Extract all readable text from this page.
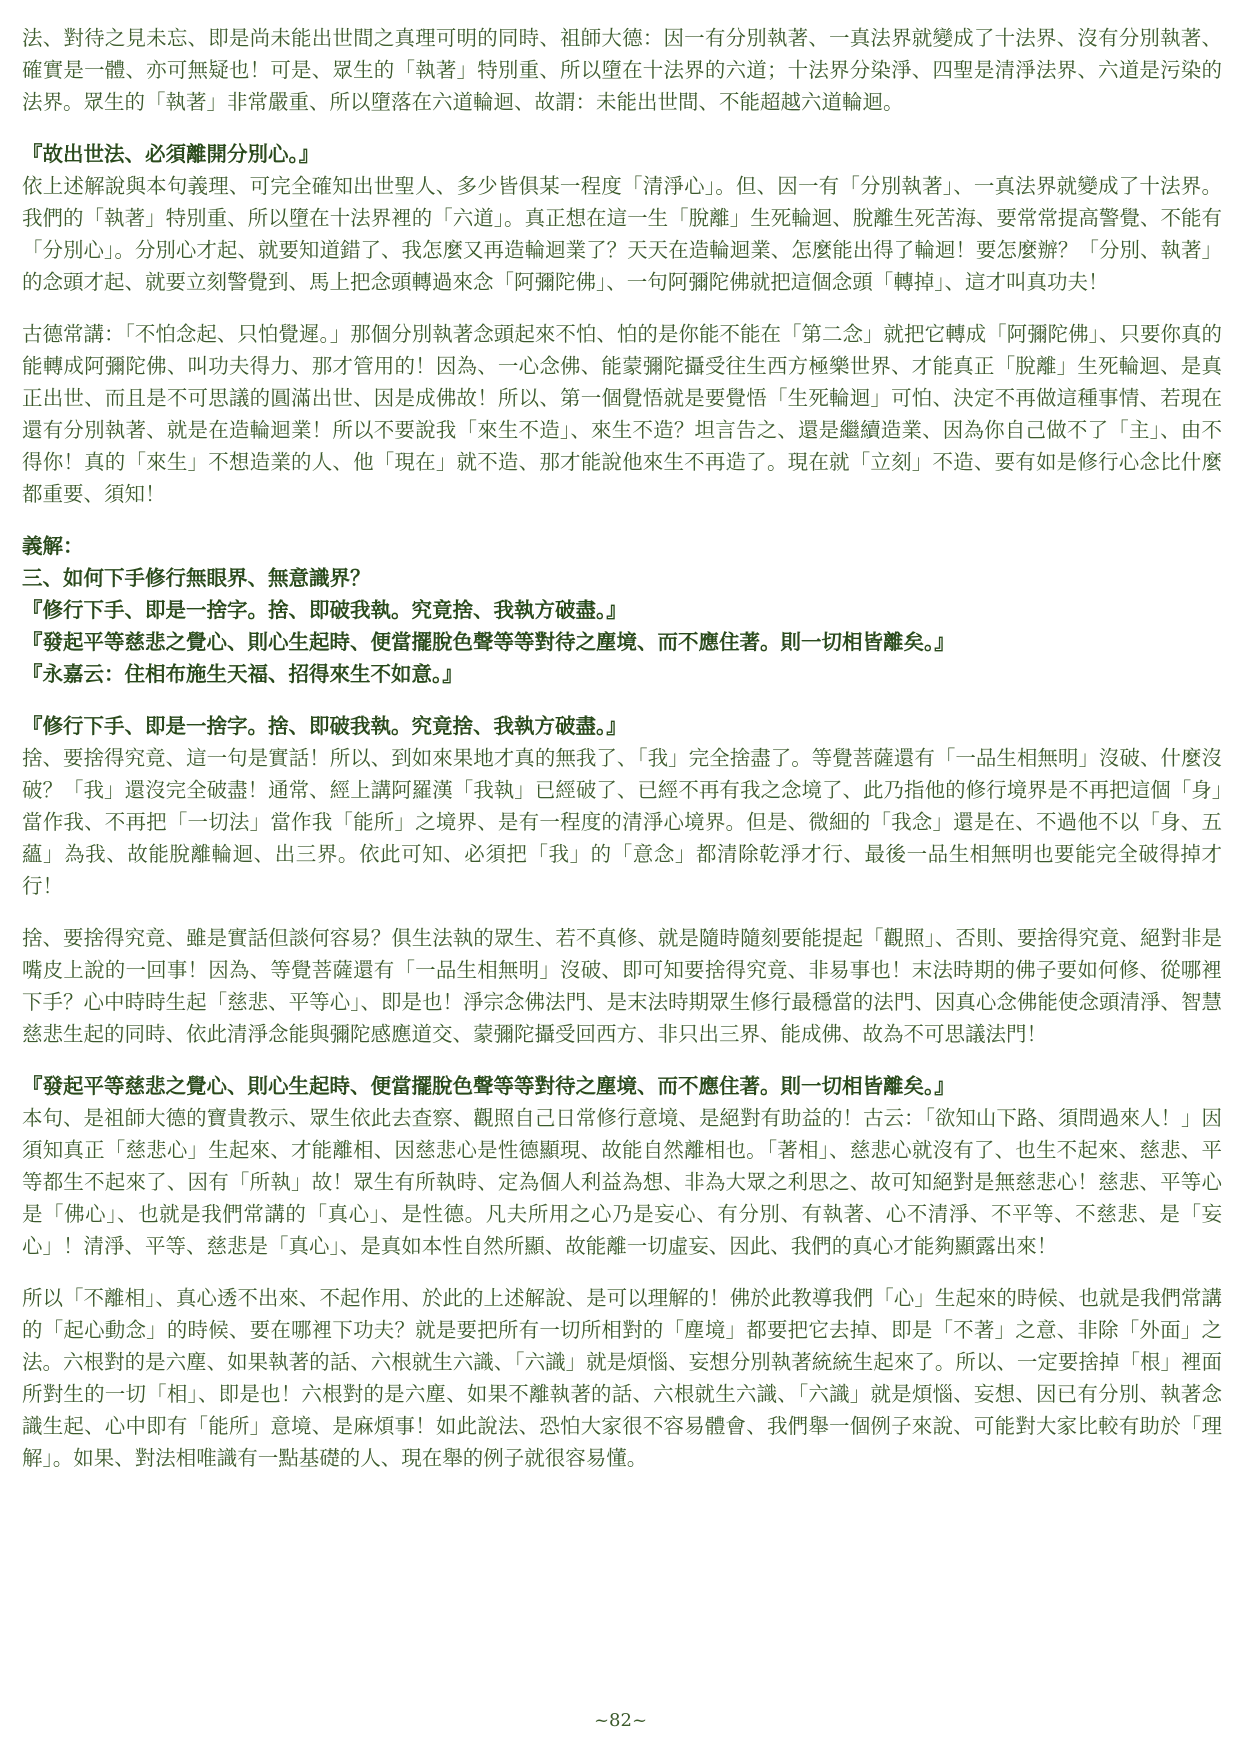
法、對待之見未忘、即是尚未能出世間之真理可明的同時、祖師大德：因一有分別執著、一真法界就變成了十法界、沒有分別執著、確實是一體、亦可無疑也！可是、眾生的「執著」特別重、所以墮在十法界的六道；十法界分染淨、四聖是清淨法界、六道是污染的法界。眾生的「執著」非常嚴重、所以墮落在六道輪迴、故謂：未能出世間、不能超越六道輪迴。

『故出世法、必須離開分別心。』

依上述解說與本句義理、可完全確知出世聖人、多少皆俱某一程度「清淨心」。但、因一有「分別執著」、一真法界就變成了十法界。我們的「執著」特別重、所以墮在十法界裡的「六道」。真正想在這一生「脫離」生死輪迴、脫離生死苦海、要常常提高警覺、不能有「分別心」。分別心才起、就要知道錯了、我怎麼又再造輪迴業了？天天在造輪迴業、怎麼能出得了輪迴！要怎麼辦？「分別、執著」的念頭才起、就要立刻警覺到、馬上把念頭轉過來念「阿彌陀佛」、一句阿彌陀佛就把這個念頭「轉掉」、這才叫真功夫！

古德常講：「不怕念起、只怕覺遲。」那個分別執著念頭起來不怕、怕的是你能不能在「第二念」就把它轉成「阿彌陀佛」、只要你真的能轉成阿彌陀佛、叫功夫得力、那才管用的！因為、一心念佛、能蒙彌陀攝受往生西方極樂世界、才能真正「脫離」生死輪迴、是真正出世、而且是不可思議的圓滿出世、因是成佛故！所以、第一個覺悟就是要覺悟「生死輪迴」可怕、決定不再做這種事情、若現在還有分別執著、就是在造輪迴業！所以不要說我「來生不造」、來生不造？坦言告之、還是繼續造業、因為你自己做不了「主」、由不得你！真的「來生」不想造業的人、他「現在」就不造、那才能說他來生不再造了。現在就「立刻」不造、要有如是修行心念比什麼都重要、須知！

義解：

三、如何下手修行無眼界、無意識界？

『修行下手、即是一捨字。捨、即破我執。究竟捨、我執方破盡。』

『發起平等慈悲之覺心、則心生起時、便當擺脫色聲等等對待之塵境、而不應住著。則一切相皆離矣。』

『永嘉云：住相布施生天福、招得來生不如意。』

『修行下手、即是一捨字。捨、即破我執。究竟捨、我執方破盡。』

捨、要捨得究竟、這一句是實話！所以、到如來果地才真的無我了、「我」完全捨盡了。等覺菩薩還有「一品生相無明」沒破、什麼沒破？「我」還沒完全破盡！通常、經上講阿羅漢「我執」已經破了、已經不再有我之念境了、此乃指他的修行境界是不再把這個「身」當作我、不再把「一切法」當作我「能所」之境界、是有一程度的清淨心境界。但是、微細的「我念」還是在、不過他不以「身、五蘊」為我、故能脫離輪迴、出三界。依此可知、必須把「我」的「意念」都清除乾淨才行、最後一品生相無明也要能完全破得掉才行！

捨、要捨得究竟、雖是實話但談何容易？俱生法執的眾生、若不真修、就是隨時隨刻要能提起「觀照」、否則、要捨得究竟、絕對非是嘴皮上說的一回事！因為、等覺菩薩還有「一品生相無明」沒破、即可知要捨得究竟、非易事也！末法時期的佛子要如何修、從哪裡下手？心中時時生起「慈悲、平等心」、即是也！淨宗念佛法門、是末法時期眾生修行最穩當的法門、因真心念佛能使念頭清淨、智慧慈悲生起的同時、依此清淨念能與彌陀感應道交、蒙彌陀攝受回西方、非只出三界、能成佛、故為不可思議法門！

『發起平等慈悲之覺心、則心生起時、便當擺脫色聲等等對待之塵境、而不應住著。則一切相皆離矣。』

本句、是祖師大德的寶貴教示、眾生依此去查察、觀照自己日常修行意境、是絕對有助益的！古云：「欲知山下路、須問過來人！」因須知真正「慈悲心」生起來、才能離相、因慈悲心是性德顯現、故能自然離相也。「著相」、慈悲心就沒有了、也生不起來、慈悲、平等都生不起來了、因有「所執」故！眾生有所執時、定為個人利益為想、非為大眾之利思之、故可知絕對是無慈悲心！慈悲、平等心是「佛心」、也就是我們常講的「真心」、是性德。凡夫所用之心乃是妄心、有分別、有執著、心不清淨、不平等、不慈悲、是「妄心」！清淨、平等、慈悲是「真心」、是真如本性自然所顯、故能離一切虛妄、因此、我們的真心才能夠顯露出來！

所以「不離相」、真心透不出來、不起作用、於此的上述解說、是可以理解的！佛於此教導我們「心」生起來的時候、也就是我們常講的「起心動念」的時候、要在哪裡下功夫？就是要把所有一切所相對的「塵境」都要把它去掉、即是「不著」之意、非除「外面」之法。六根對的是六塵、如果執著的話、六根就生六識、「六識」就是煩惱、妄想分別執著統統生起來了。所以、一定要捨掉「根」裡面所對生的一切「相」、即是也！六根對的是六塵、如果不離執著的話、六根就生六識、「六識」就是煩惱、妄想、因已有分別、執著念識生起、心中即有「能所」意境、是麻煩事！如此說法、恐怕大家很不容易體會、我們舉一個例子來說、可能對大家比較有助於「理解」。如果、對法相唯識有一點基礎的人、現在舉的例子就很容易懂。

~82~
